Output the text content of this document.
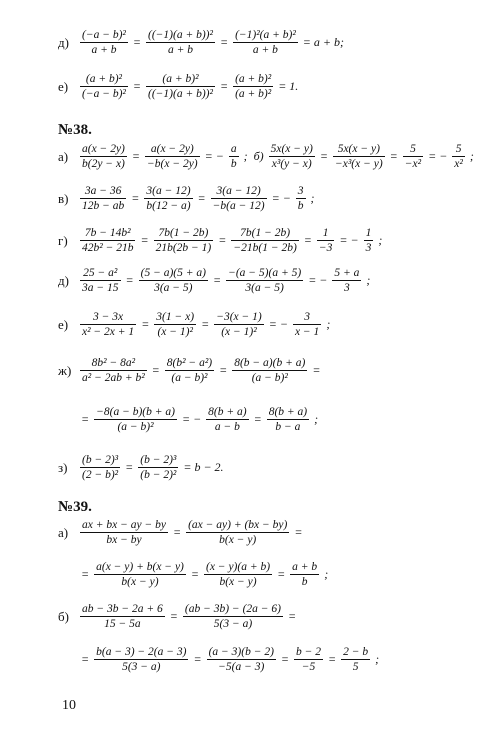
$д) \frac{\text{(−a − b)²}}{a + b} = \frac{\text{((−1)(a + b))²}}{a + b} = \frac{\text{(−1)²(a + b)²}}{a + b} = a + b$;
$е) \frac{\text{(a + b)²}}{\text{(−a − b)²}} = \frac{\text{(a + b)²}}{\text{((−1)(a + b))²}} = \frac{\text{(a + b)²}}{\text{(a + b)²}} = 1$.
№38.
$а) \frac{a(x - 2y)}{b(2y - x)} = \frac{a(x - 2y)}{-b(x - 2y)}$ = − $\frac{a}{b}$ ;б) $\frac{5x(x - y)}{\text{x³(y − x)}} = \frac{5x(x - y)}{\text{−x³(x − y)}} = \frac{5}{\text{−x²}}$ = − $\frac{5}{\text{x²}}$ ;
$в) \frac{3a - 36}{12b - ab} = \frac{3(a - 12)}{b(12 - a)} = \frac{3(a - 12)}{-b(a - 12)}$ = − $\frac{3}{b}$ ;
$г) \frac{\text{7b − 14b²}}{\text{42b² − 21b}} = \frac{7b(1 - 2b)}{21b(2b - 1)} = \frac{7b(1 - 2b)}{-21b(1 - 2b)} = \frac{1}{-3}$ = − $\frac{1}{3}$ ;
$д) \frac{\text{25 − a²}}{3a - 15} = \frac{(5 - a)(5 + a)}{3(a - 5)} = \frac{-(a - 5)(a + 5)}{3(a - 5)}$ = − $\frac{5 + a}{3}$ ;
$е) \frac{3 - 3x}{\text{x² − 2x + 1}} = \frac{3(1 - x)}{\text{(x − 1)²}} = \frac{-3(x - 1)}{\text{(x − 1)²}}$ = − $\frac{3}{x - 1}$ ;
$ж) \frac{\text{8b² − 8a²}}{\text{a² − 2ab + b²}} = \frac{\text{8(b² − a²)}}{\text{(a − b)²}} = \frac{8(b - a)(b + a)}{\text{(a − b)²}}$ =
= $\frac{-8(a - b)(b + a)}{\text{(a − b)²}}$ = − $\frac{8(b + a)}{a - b} = \frac{8(b + a)}{b - a}$ ;
$з) \frac{\text{(b − 2)³}}{\text{(2 − b)²}} = \frac{\text{(b − 2)³}}{\text{(b − 2)²}} = b - 2$.
№39.
$а) \frac{ax + bx - ay - by}{bx - by} = \frac{(ax - ay) + (bx - by)}{b(x - y)}$ =
= $\frac{a(x - y) + b(x - y)}{b(x - y)} = \frac{(x - y)(a + b)}{b(x - y)} = \frac{a + b}{b}$ ;
$б) \frac{ab - 3b - 2a + 6}{15 - 5a} = \frac{(ab - 3b) - (2a - 6)}{5(3 - a)}$ =
= $\frac{b(a - 3) - 2(a - 3)}{5(3 - a)} = \frac{(a - 3)(b - 2)}{-5(a - 3)} = \frac{b - 2}{-5} = \frac{2 - b}{5}$ ;
10
